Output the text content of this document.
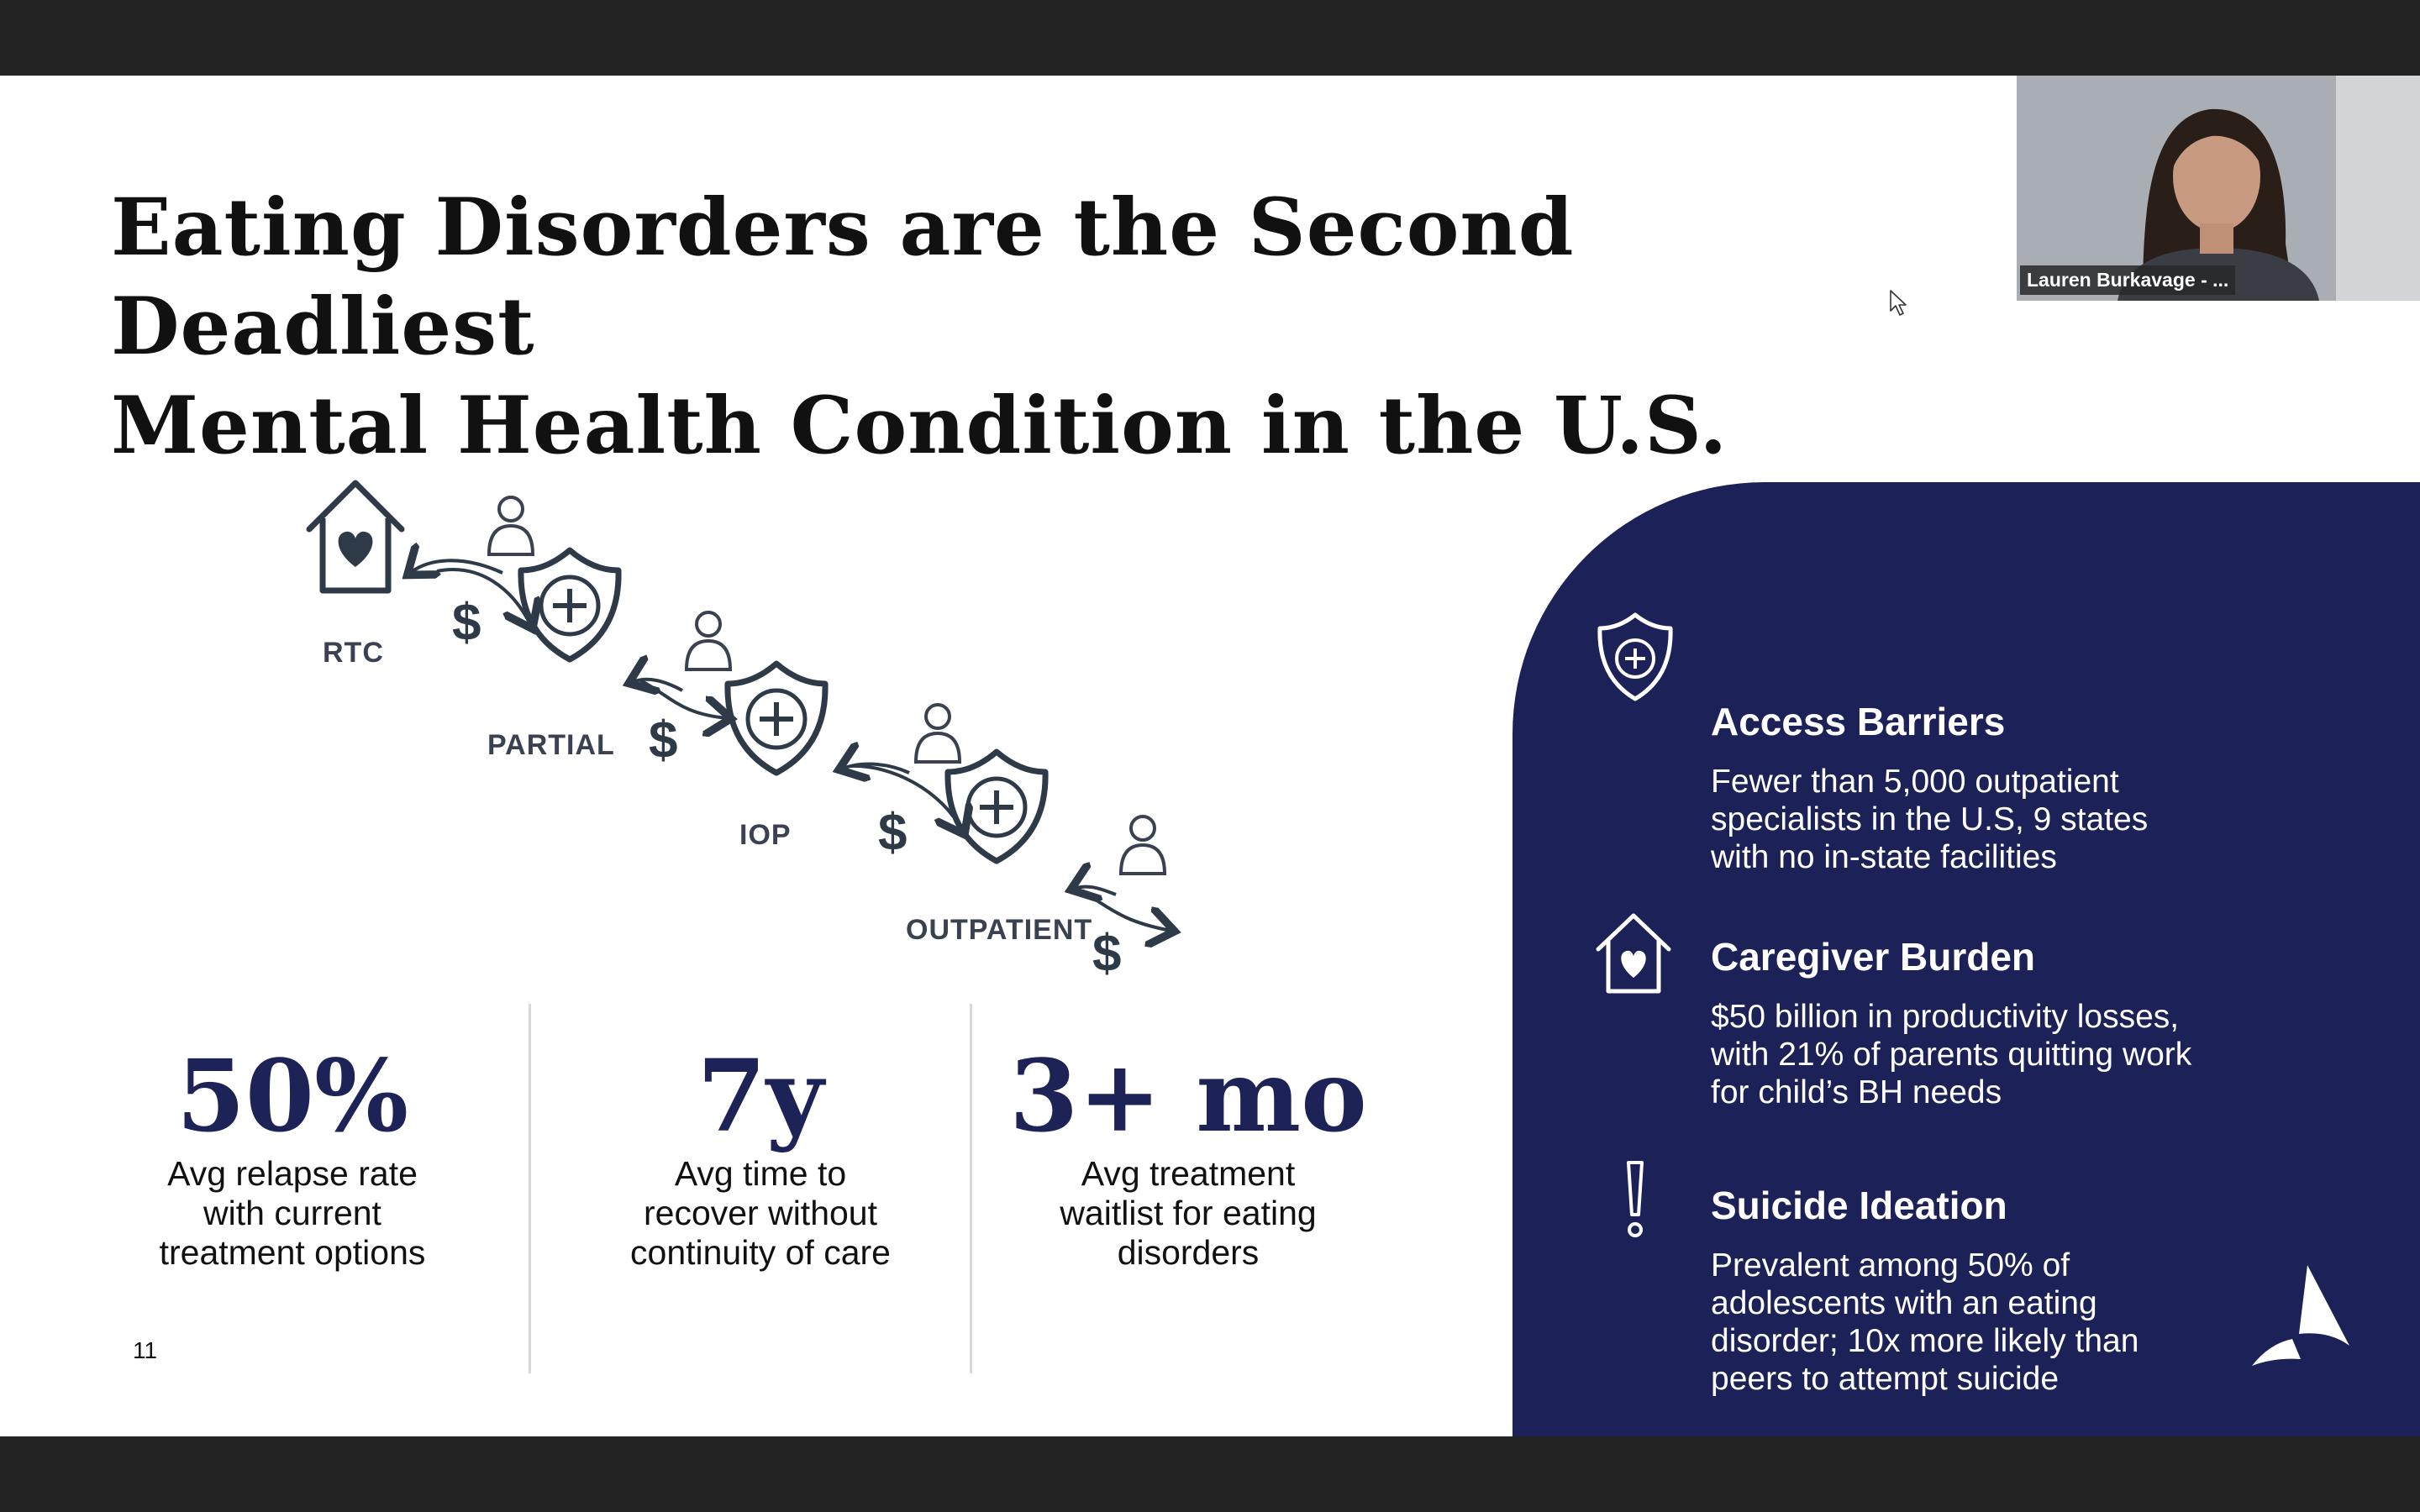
Eating Disorders are the Second Deadliest
Mental Health Condition in the U.S.
$
$
$
$
RTC
PARTIAL
IOP
OUTPATIENT
50%
Avg relapse rate
with current
treatment options
7y
Avg time to
recover without
continuity of care
3+ mo
Avg treatment
waitlist for eating
disorders
11
Access Barriers
Fewer than 5,000 outpatient
specialists in the U.S, 9 states
with no in-state facilities
Caregiver Burden
$50 billion in productivity losses,
with 21% of parents quitting work
for child’s BH needs
Suicide Ideation
Prevalent among 50% of
adolescents with an eating
disorder; 10x more likely than
peers to attempt suicide
Lauren Burkavage - ...
